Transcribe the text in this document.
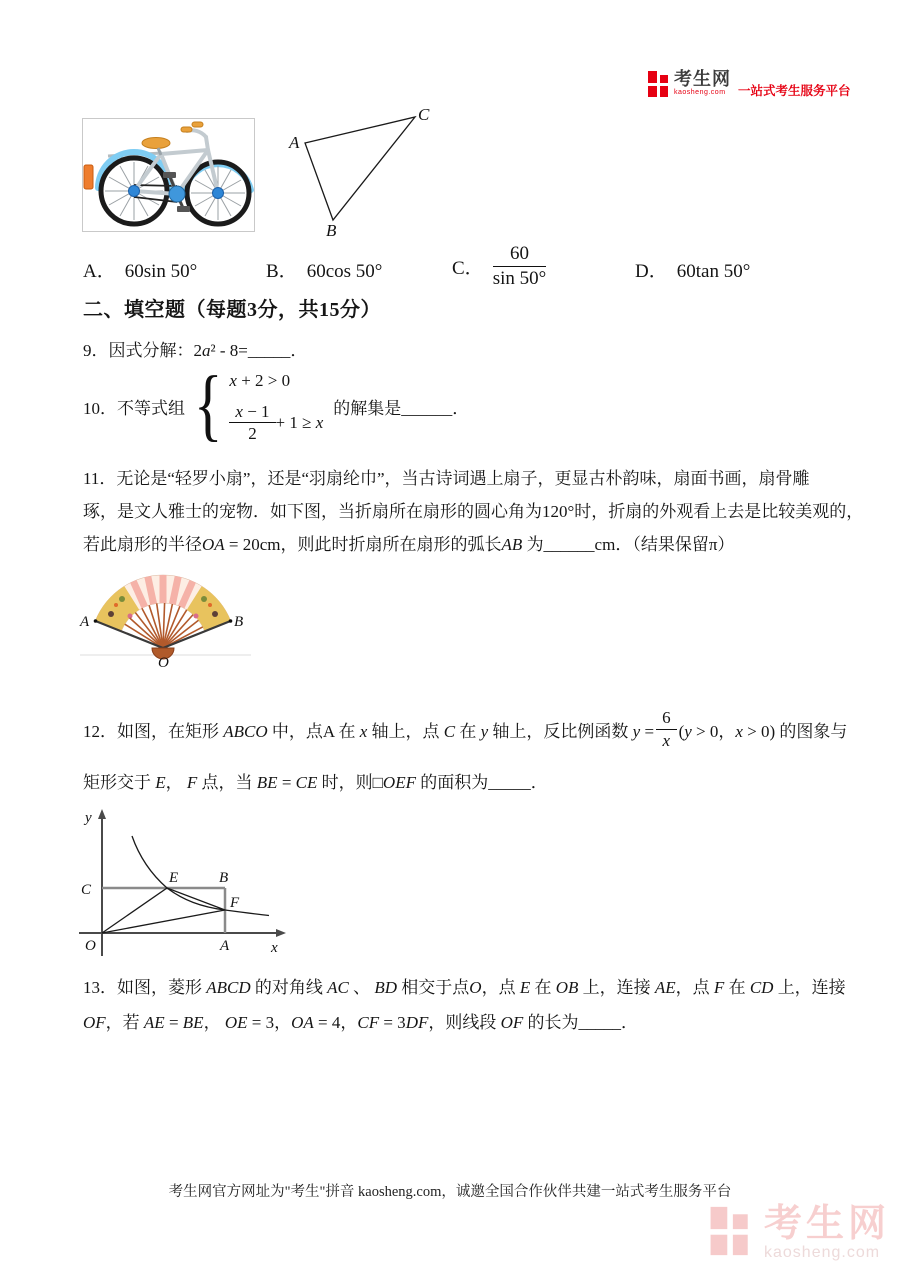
考生网
kaosheng.com 一站式考生服务平台
A
C
B
A． 60sin 50°	B． 60cos 50°	C． $\frac{60}{\sin 50^\circ}$	D． 60tan 50°
二、填空题（每题3分，共15分）
9．因式分解：2a² - 8=_____．
10．不等式组 { x + 2 > 0
$\frac{x - 1}{2} + 1 \ge x$
的解集是______．
11．无论是“轻罗小扇”，还是“羽扇纶巾”，当古诗词遇上扇子，更显古朴韵味，扇面书画，扇骨雕
琢，是文人雅士的宠物．如下图，当折扇所在扇形的圆心角为120°时，折扇的外观看上去是比较美观的，
若此扇形的半径OA = 20cm，则此时折扇所在扇形的弧长AB 为______cm．（结果保留π）
A	B
O
12．如图，在矩形 ABCO 中，点A 在 x 轴上，点 C 在 y 轴上，反比例函数 $y = \frac{6}{x} (y > 0$，x > 0) 的图象与
矩形交于 E， F 点，当 BE = CE 时，则□OEF 的面积为_____．
y
C
E	B
F
O	A	x
13．如图，菱形 ABCD 的对角线 AC 、 BD 相交于点O，点 E 在 OB 上，连接 AE，点 F 在 CD 上，连接
OF，若 AE = BE， OE = 3，OA = 4，CF = 3DF，则线段 OF 的长为_____．
考生网官方网址为"考生"拼音 kaosheng.com，诚邀全国合作伙伴共建一站式考生服务平台
考生网
kaosheng.com
